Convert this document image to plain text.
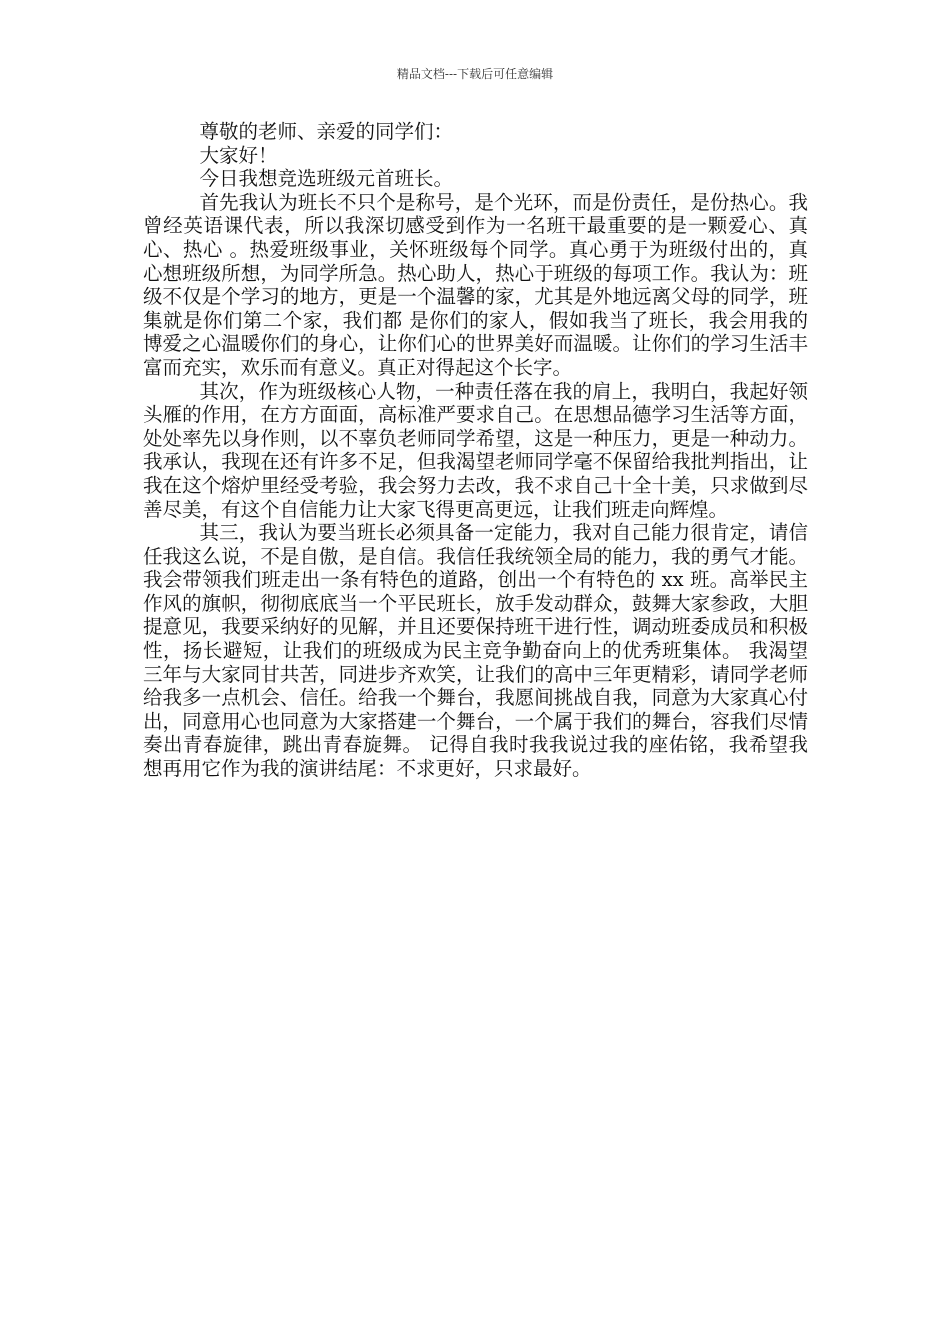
精品文档---下载后可任意编辑

尊敬的老师、亲爱的同学们：

大家好！

今日我想竞选班级元首班长。

首先我认为班长不只个是称号，是个光环，而是份责任，是份热心。我曾经英语课代表，所以我深切感受到作为一名班干最重要的是一颗爱心、真心、热心 。热爱班级事业，关怀班级每个同学。真心勇于为班级付出的，真心想班级所想，为同学所急。热心助人，热心于班级的每项工作。我认为：班级不仅是个学习的地方，更是一个温馨的家，尤其是外地远离父母的同学，班集就是你们第二个家，我们都 是你们的家人，假如我当了班长，我会用我的博爱之心温暖你们的身心，让你们心的世界美好而温暖。让你们的学习生活丰富而充实，欢乐而有意义。真正对得起这个长字。

其次，作为班级核心人物，一种责任落在我的肩上，我明白，我起好领头雁的作用，在方方面面，高标准严要求自己。在思想品德学习生活等方面，处处率先以身作则，以不辜负老师同学希望，这是一种压力，更是一种动力。我承认，我现在还有许多不足，但我渴望老师同学毫不保留给我批判指出，让我在这个熔炉里经受考验，我会努力去改，我不求自己十全十美，只求做到尽善尽美，有这个自信能力让大家飞得更高更远，让我们班走向辉煌。

其三，我认为要当班长必须具备一定能力，我对自己能力很肯定，请信任我这么说，不是自傲，是自信。我信任我统领全局的能力，我的勇气才能。我会带领我们班走出一条有特色的道路，创出一个有特色的 xx 班。高举民主作风的旗帜，彻彻底底当一个平民班长，放手发动群众，鼓舞大家参政，大胆提意见，我要采纳好的见解，并且还要保持班干进行性，调动班委成员和积极性，扬长避短，让我们的班级成为民主竞争勤奋向上的优秀班集体。 我渴望三年与大家同甘共苦，同进步齐欢笑，让我们的高中三年更精彩，请同学老师给我多一点机会、信任。给我一个舞台，我愿间挑战自我，同意为大家真心付出，同意用心也同意为大家搭建一个舞台，一个属于我们的舞台，容我们尽情奏出青春旋律，跳出青春旋舞。 记得自我时我我说过我的座佑铭，我希望我想再用它作为我的演讲结尾：不求更好，只求最好。
